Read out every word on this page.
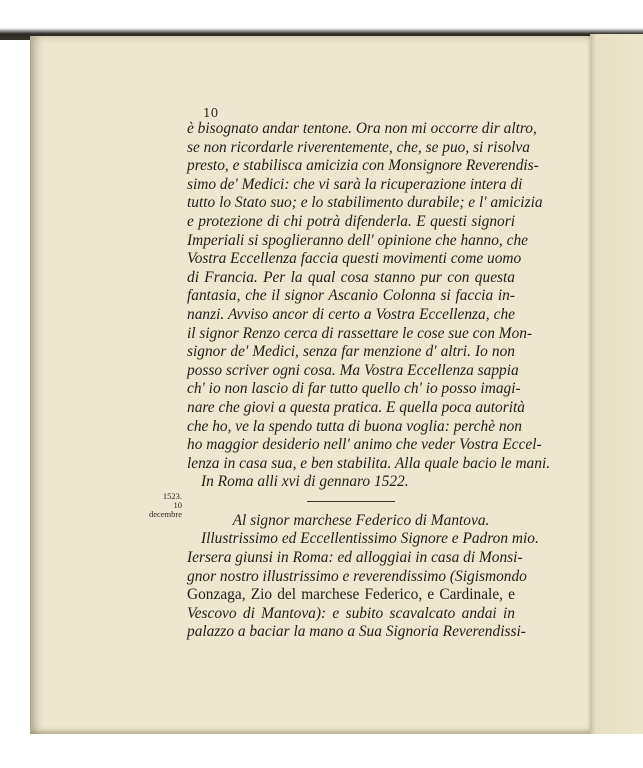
10
è bisognato andar tentone. Ora non mi occorre dir altro,
se non ricordarle riverentemente, che, se puo, si risolva
presto, e stabilisca amicizia con Monsignore Reverendis-
simo de' Medici: che vi sarà la ricuperazione intera di
tutto lo Stato suo; e lo stabilimento durabile; e l' amicizia
e protezione di chi potrà difenderla. E questi signori
Imperiali si spoglieranno dell' opinione che hanno, che
Vostra Eccellenza faccia questi movimenti come uomo
di Francia. Per la qual cosa stanno pur con questa
fantasia, che il signor Ascanio Colonna si faccia in-
nanzi. Avviso ancor di certo a Vostra Eccellenza, che
il signor Renzo cerca di rassettare le cose sue con Mon-
signor de' Medici, senza far menzione d' altri. Io non
posso scriver ogni cosa. Ma Vostra Eccellenza sappia
ch' io non lascio di far tutto quello ch' io posso imagi-
nare che giovi a questa pratica. E quella poca autorità
che ho, ve la spendo tutta di buona voglia: perchè non
ho maggior desiderio nell' animo che veder Vostra Eccel-
lenza in casa sua, e ben stabilita. Alla quale bacio le mani.
In Roma alli xvi di gennaro 1522.
Al signor marchese Federico di Mantova.
Illustrissimo ed Eccellentissimo Signore e Padron mio.
Iersera giunsi in Roma: ed alloggiai in casa di Monsi-
gnor nostro illustrissimo e reverendissimo (Sigismondo
Gonzaga, Zio del marchese Federico, e Cardinale, e
Vescovo di Mantova): e subito scavalcato andai in
palazzo a baciar la mano a Sua Signoria Reverendissi-
1523.
10 decembre
